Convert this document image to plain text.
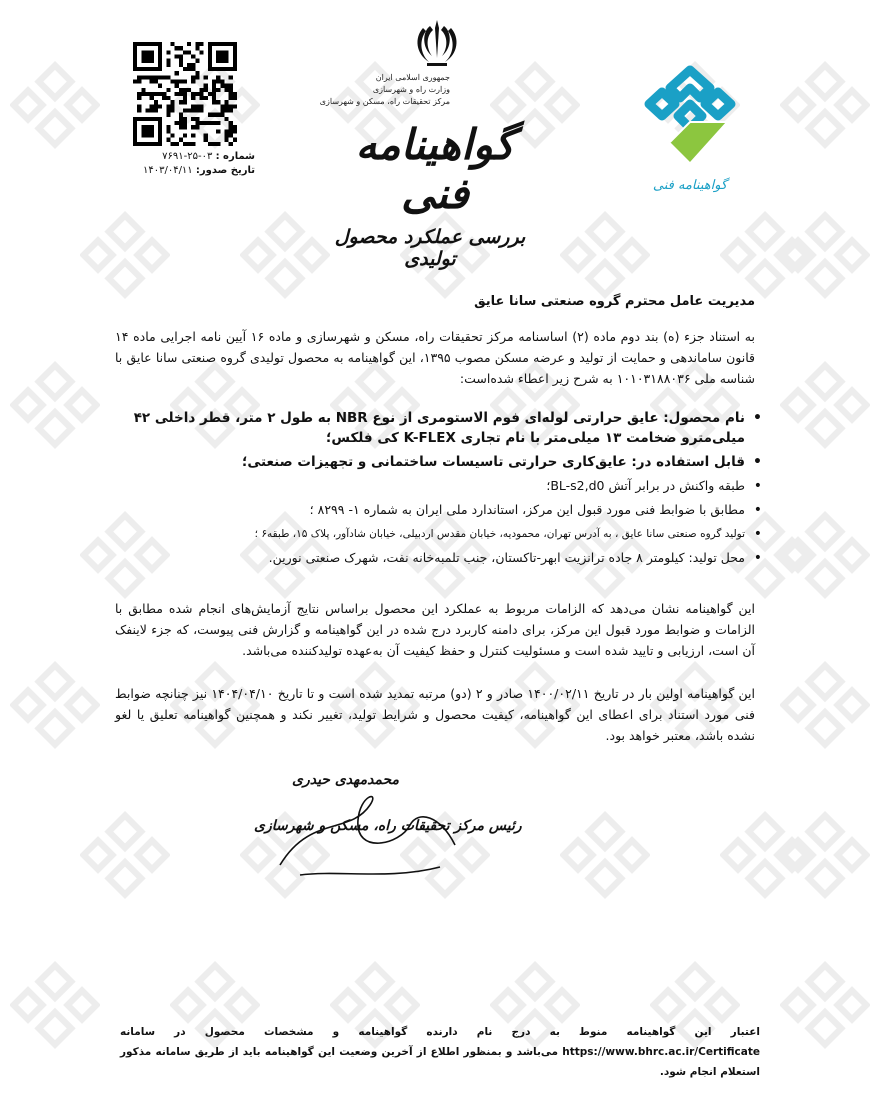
شماره : ۰۳-۲۵-۷۶۹۱
تاریخ صدور: ۱۴۰۳/۰۴/۱۱
جمهوری اسلامی ایران
وزارت راه و شهرسازی
مرکز تحقیقات راه، مسکن و شهرسازی
گواهینامه فنی
بررسی عملکرد محصول تولیدی
گواهینامه فنی
مدیریت عامل محترم گروه صنعتی سانا عایق
به استناد جزء (ه) بند دوم ماده (۲) اساسنامه مرکز تحقیقات راه، مسکن و شهرسازی و ماده ۱۶ آیین نامه اجرایی ماده ۱۴ قانون ساماندهی و حمایت از تولید و عرضه مسکن مصوب ۱۳۹۵، این گواهینامه به محصول تولیدی گروه صنعتی سانا عایق با شناسه ملی ۱۰۱۰۳۱۸۸۰۳۶ به شرح زیر اعطاء شده‌است:
• نام محصول: عایق حرارتی لوله‌ای فوم الاستومری از نوع NBR به طول ۲ متر، قطر داخلی ۴۲ میلی‌مترو ضخامت ۱۳ میلی‌متر با نام تجاری K-FLEX کی فلکس؛
• قابل استفاده در: عایق‌کاری حرارتی تاسیسات ساختمانی و تجهیزات صنعتی؛
• طبقه واکنش در برابر آتش BL-s2,d0؛
• مطابق با ضوابط فنی مورد قبول این مرکز، استاندارد ملی ایران به شماره ۱- ۸۲۹۹ ؛
• تولید گروه صنعتی سانا عایق ، به آدرس تهران، محمودیه، خیابان مقدس اردبیلی، خیابان شادآور، پلاک ۱۵، طبقه۶ ؛
• محل تولید: کیلومتر ۸ جاده ترانزیت ابهر-تاکستان، جنب تلمبه‌خانه نفت، شهرک صنعتی نورین.
این گواهینامه نشان می‌دهد که الزامات مربوط به عملکرد این محصول براساس نتایج آزمایش‌های انجام شده مطابق با الزامات و ضوابط مورد قبول این مرکز، برای دامنه کاربرد درج شده در این گواهینامه و گزارش فنی پیوست، که جزء لاینفک آن است، ارزیابی و تایید شده است و مسئولیت کنترل و حفظ کیفیت آن به‌عهده تولیدکننده می‌باشد.
این گواهینامه اولین بار در تاریخ ۱۴۰۰/۰۲/۱۱ صادر و ۲ (دو) مرتبه تمدید شده است و تا تاریخ ۱۴۰۴/۰۴/۱۰ نیز چنانچه ضوابط فنی مورد استناد برای اعطای این گواهینامه، کیفیت محصول و شرایط تولید، تغییر نکند و همچنین گواهینامه تعلیق یا لغو نشده باشد، معتبر خواهد بود.
محمدمهدی حیدری
رئیس مرکز تحقیقات راه، مسکن و شهرسازی
اعتبار این گواهینامه منوط به درج نام دارنده گواهینامه و مشخصات محصول در سامانه https://www.bhrc.ac.ir/Certificate می‌باشد و بمنظور اطلاع از آخرین وضعیت این گواهینامه باید از طریق سامانه مذکور استعلام انجام شود.
